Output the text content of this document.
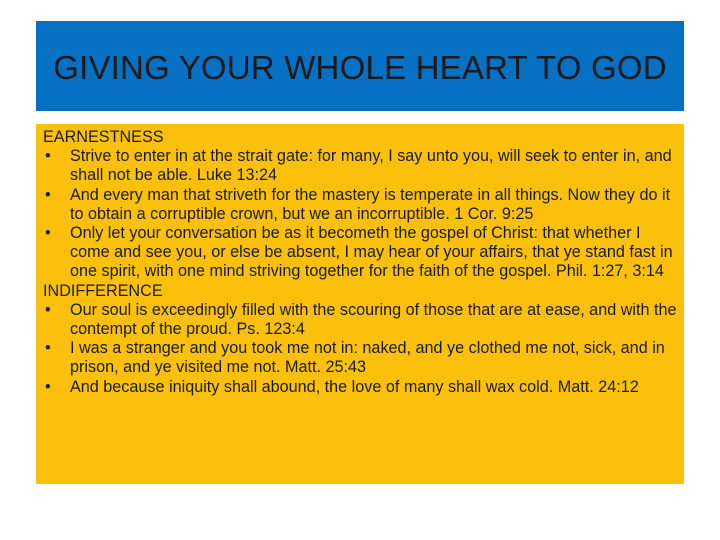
GIVING YOUR WHOLE HEART TO GOD
EARNESTNESS
• Strive to enter in at the strait gate: for many, I say unto you, will seek to enter in, and shall not be able. Luke 13:24
• And every man that striveth for the mastery is temperate in all things. Now they do it to obtain a corruptible crown, but we an incorruptible. 1 Cor. 9:25
• Only let your conversation be as it becometh the gospel of Christ: that whether I come and see you, or else be absent, I may hear of your affairs, that ye stand fast in one spirit, with one mind striving together for the faith of the gospel. Phil. 1:27, 3:14
INDIFFERENCE
• Our soul is exceedingly filled with the scouring of those that are at ease, and with the contempt of the proud. Ps. 123:4
• I was a stranger and you took me not in: naked, and ye clothed me not, sick, and in prison, and ye visited me not. Matt. 25:43
• And because iniquity shall abound, the love of many shall wax cold. Matt. 24:12
